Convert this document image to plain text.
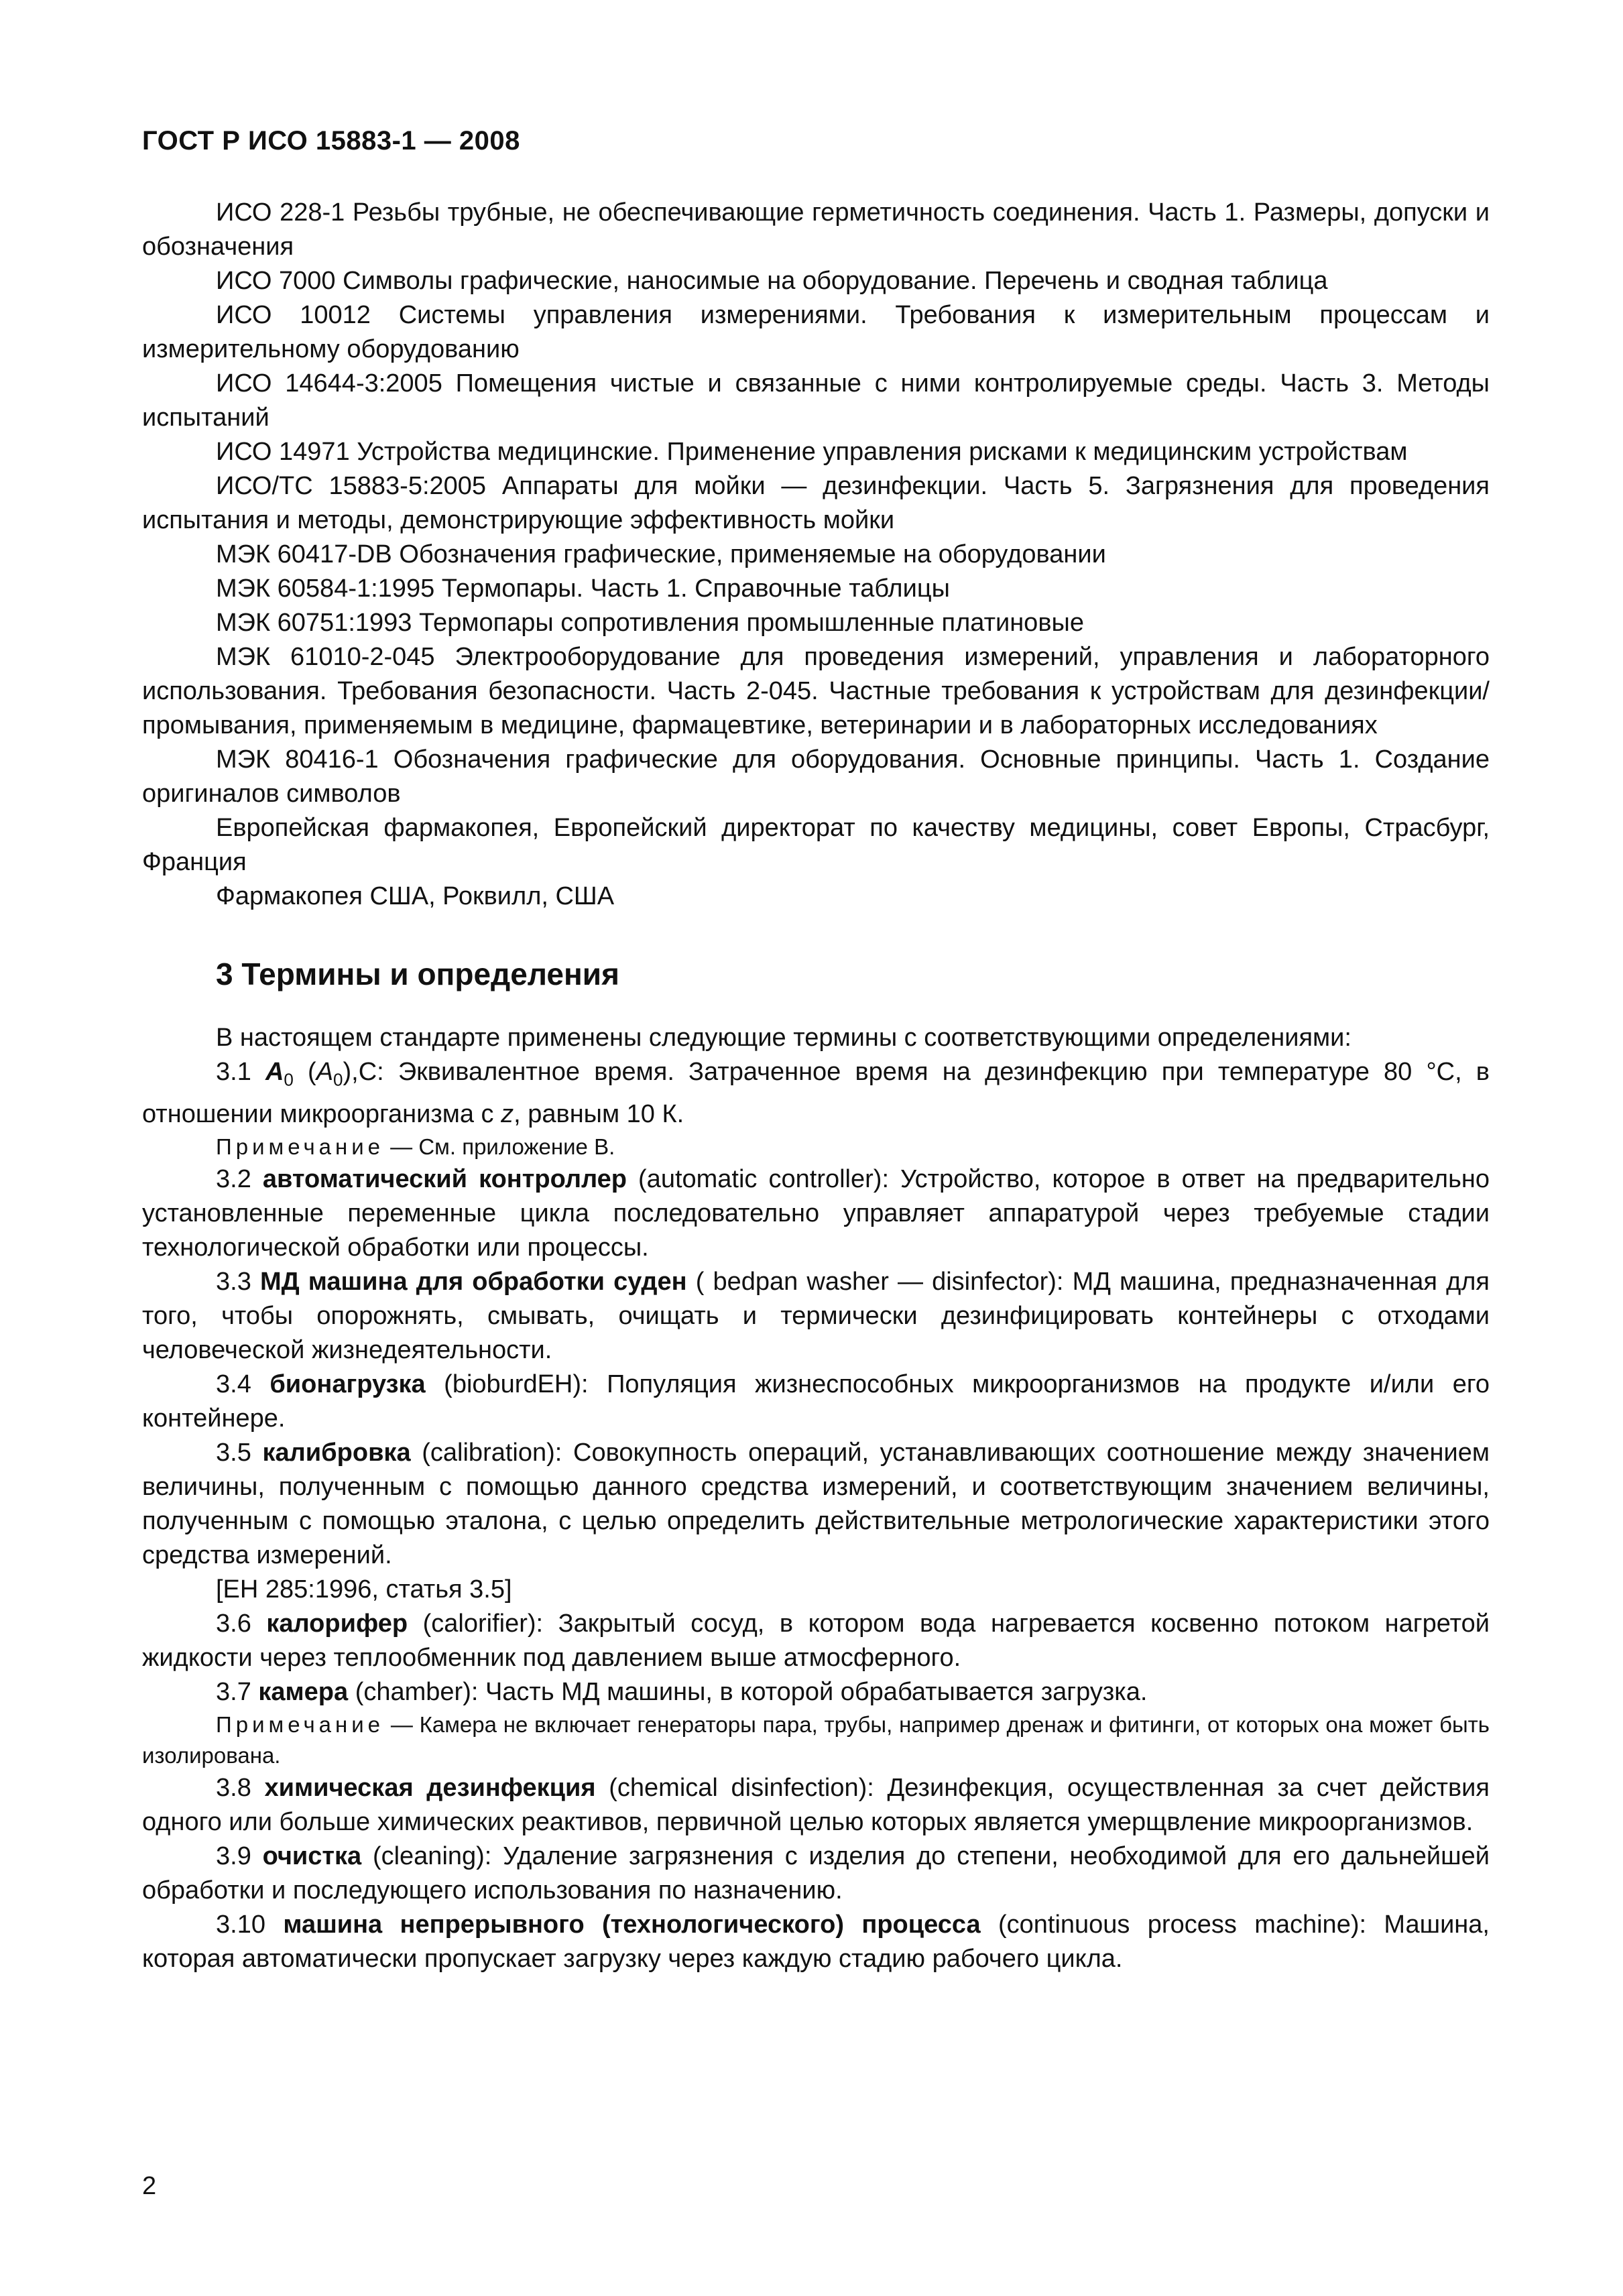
ГОСТ Р ИСО 15883-1 — 2008

ИСО 228-1 Резьбы трубные, не обеспечивающие герметичность соединения. Часть 1. Размеры, допуски и обозначения

ИСО 7000 Символы графические, наносимые на оборудование. Перечень и сводная таблица

ИСО 10012 Системы управления измерениями. Требования к измерительным процессам и измерительному оборудованию

ИСО 14644-3:2005 Помещения чистые и связанные с ними контролируемые среды. Часть 3. Методы испытаний

ИСО 14971 Устройства медицинские. Применение управления рисками к медицинским устройствам

ИСО/ТС 15883-5:2005 Аппараты для мойки — дезинфекции. Часть 5. Загрязнения для проведения испытания и методы, демонстрирующие эффективность мойки

МЭК 60417-DB Обозначения графические, применяемые на оборудовании

МЭК 60584-1:1995 Термопары. Часть 1. Справочные таблицы

МЭК 60751:1993 Термопары сопротивления промышленные платиновые

МЭК 61010-2-045 Электрооборудование для проведения измерений, управления и лабораторного использования. Требования безопасности. Часть 2-045. Частные требования к устройствам для дезинфекции/промывания, применяемым в медицине, фармацевтике, ветеринарии и в лабораторных исследованиях

МЭК 80416-1 Обозначения графические для оборудования. Основные принципы. Часть 1. Создание оригиналов символов

Европейская фармакопея, Европейский директорат по качеству медицины, совет Европы, Страсбург, Франция

Фармакопея США, Роквилл, США

3 Термины и определения

В настоящем стандарте применены следующие термины с соответствующими определениями:

3.1 $A_0$ $(A_0),С$: Эквивалентное время. Затраченное время на дезинфекцию при температуре 80 °С, в отношении микроорганизма с z, равным 10 К.

Примечание — См. приложение В.

3.2 автоматический контроллер (automatic controller): Устройство, которое в ответ на предварительно установленные переменные цикла последовательно управляет аппаратурой через требуемые стадии технологической обработки или процессы.

3.3 МД машина для обработки суден ( bedpan washer — disinfector): МД машина, предназначенная для того, чтобы опорожнять, смывать, очищать и термически дезинфицировать контейнеры с отходами человеческой жизнедеятельности.

3.4 бионагрузка (bioburdЕН): Популяция жизнеспособных микроорганизмов на продукте и/или его контейнере.

3.5 калибровка (calibration): Совокупность операций, устанавливающих соотношение между значением величины, полученным с помощью данного средства измерений, и соответствующим значением величины, полученным с помощью эталона, с целью определить действительные метрологические характеристики этого средства измерений.

[ЕН 285:1996, статья 3.5]

3.6 калорифер (calorifier): Закрытый сосуд, в котором вода нагревается косвенно потоком нагретой жидкости через теплообменник под давлением выше атмосферного.

3.7 камера (chamber): Часть МД машины, в которой обрабатывается загрузка.

Примечание — Камера не включает генераторы пара, трубы, например дренаж и фитинги, от которых она может быть изолирована.

3.8 химическая дезинфекция (chemical disinfection): Дезинфекция, осуществленная за счет действия одного или больше химических реактивов, первичной целью которых является умерщвление микроорганизмов.

3.9 очистка (cleaning): Удаление загрязнения с изделия до степени, необходимой для его дальнейшей обработки и последующего использования по назначению.

3.10 машина непрерывного (технологического) процесса (continuous process machine): Машина, которая автоматически пропускает загрузку через каждую стадию рабочего цикла.

2
